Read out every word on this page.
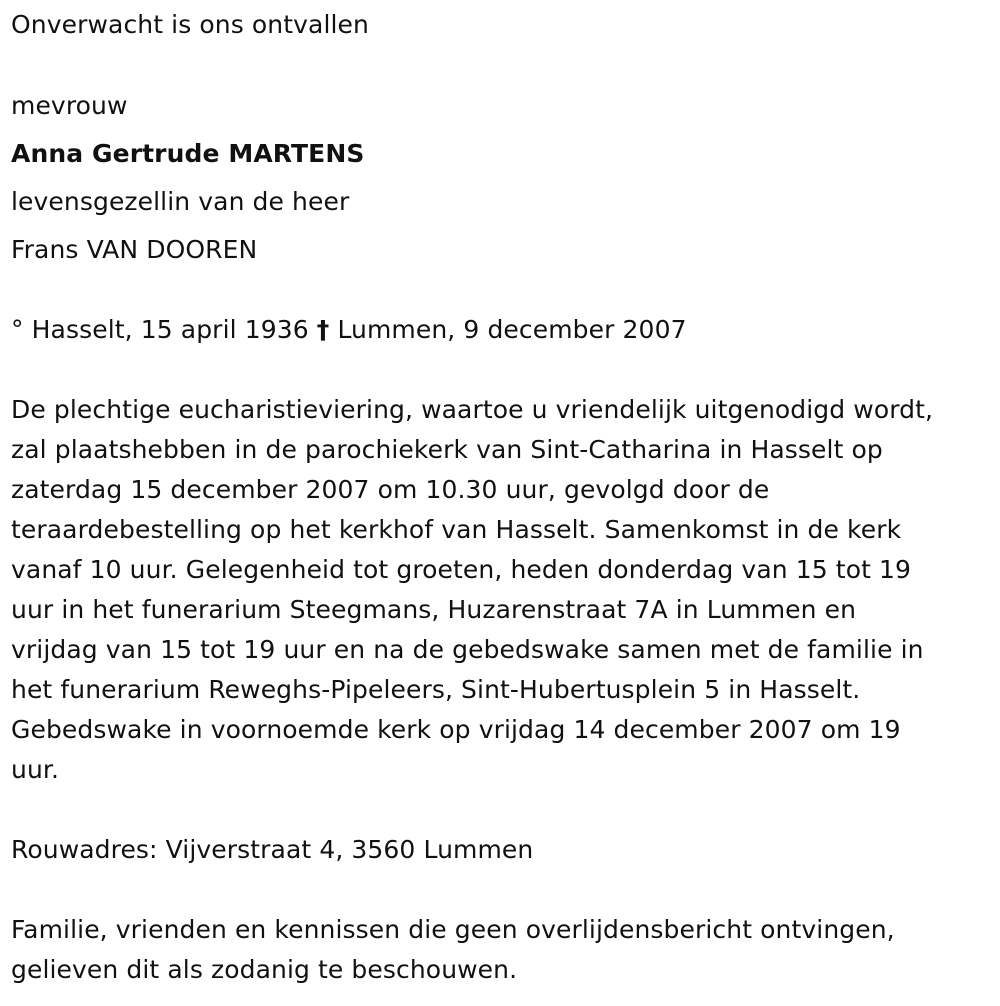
Onverwacht is ons ontvallen
mevrouw
Anna Gertrude MARTENS
levensgezellin van de heer
Frans VAN DOOREN
° Hasselt, 15 april 1936 † Lummen, 9 december 2007
De plechtige eucharistieviering, waartoe u vriendelijk uitgenodigd wordt,
zal plaatshebben in de parochiekerk van Sint-Catharina in Hasselt op
zaterdag 15 december 2007 om 10.30 uur, gevolgd door de
teraardebestelling op het kerkhof van Hasselt. Samenkomst in de kerk
vanaf 10 uur. Gelegenheid tot groeten, heden donderdag van 15 tot 19
uur in het funerarium Steegmans, Huzarenstraat 7A in Lummen en
vrijdag van 15 tot 19 uur en na de gebedswake samen met de familie in
het funerarium Reweghs-Pipeleers, Sint-Hubertusplein 5 in Hasselt.
Gebedswake in voornoemde kerk op vrijdag 14 december 2007 om 19
uur.
Rouwadres: Vijverstraat 4, 3560 Lummen
Familie, vrienden en kennissen die geen overlijdensbericht ontvingen,
gelieven dit als zodanig te beschouwen.
